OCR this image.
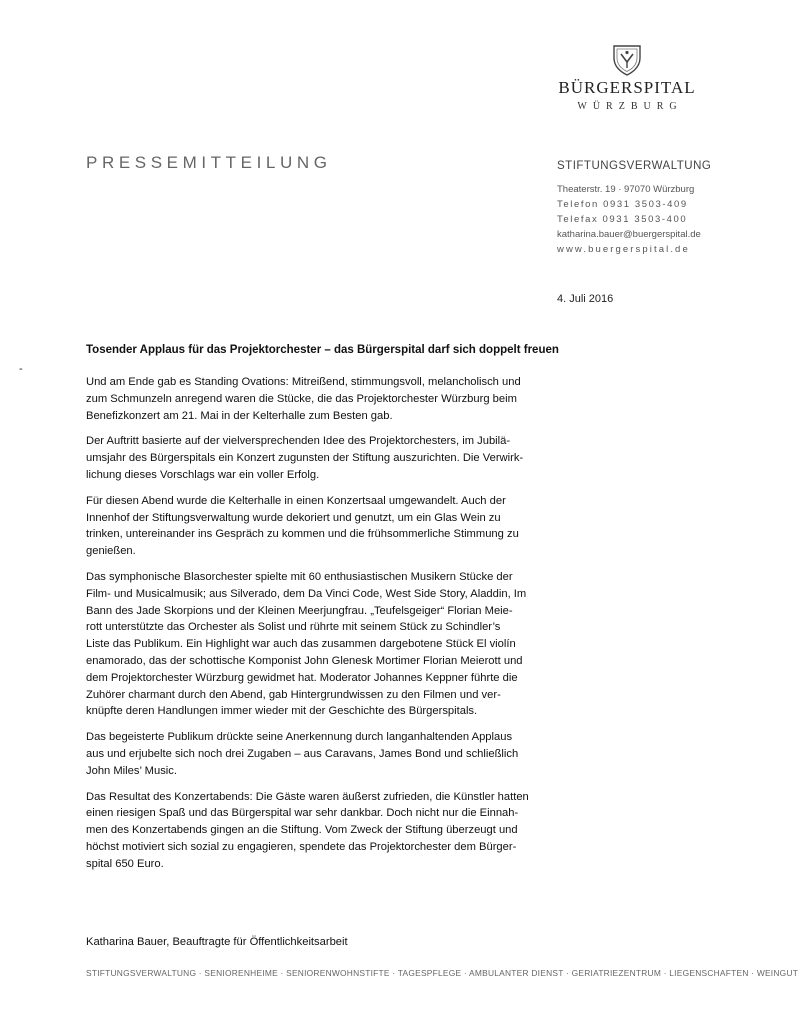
BÜRGERSPITAL
WÜRZBURG
PRESSEMITTEILUNG	STIFTUNGSVERWALTUNG
Theaterstr. 19 · 97070 Würzburg
Telefon 0931 3503-409
Telefax 0931 3503-400
katharina.bauer@buergerspital.de
www.buergerspital.de
4. Juli 2016
-
Tosender Applaus für das Projektorchester – das Bürgerspital darf sich doppelt freuen
Und am Ende gab es Standing Ovations: Mitreißend, stimmungsvoll, melancholisch und
zum Schmunzeln anregend waren die Stücke, die das Projektorchester Würzburg beim
Benefizkonzert am 21. Mai in der Kelterhalle zum Besten gab.
Der Auftritt basierte auf der vielversprechenden Idee des Projektorchesters, im Jubilä-
umsjahr des Bürgerspitals ein Konzert zugunsten der Stiftung auszurichten. Die Verwirk-
lichung dieses Vorschlags war ein voller Erfolg.
Für diesen Abend wurde die Kelterhalle in einen Konzertsaal umgewandelt. Auch der
Innenhof der Stiftungsverwaltung wurde dekoriert und genutzt, um ein Glas Wein zu
trinken, untereinander ins Gespräch zu kommen und die frühsommerliche Stimmung zu
genießen.
Das symphonische Blasorchester spielte mit 60 enthusiastischen Musikern Stücke der
Film- und Musicalmusik; aus Silverado, dem Da Vinci Code, West Side Story, Aladdin, Im
Bann des Jade Skorpions und der Kleinen Meerjungfrau. „Teufelsgeiger“ Florian Meie-
rott unterstützte das Orchester als Solist und rührte mit seinem Stück zu Schindler’s
Liste das Publikum. Ein Highlight war auch das zusammen dargebotene Stück El violín
enamorado, das der schottische Komponist John Glenesk Mortimer Florian Meierott und
dem Projektorchester Würzburg gewidmet hat. Moderator Johannes Keppner führte die
Zuhörer charmant durch den Abend, gab Hintergrundwissen zu den Filmen und ver-
knüpfte deren Handlungen immer wieder mit der Geschichte des Bürgerspitals.
Das begeisterte Publikum drückte seine Anerkennung durch langanhaltenden Applaus
aus und erjubelte sich noch drei Zugaben – aus Caravans, James Bond und schließlich
John Miles’ Music.
Das Resultat des Konzertabends: Die Gäste waren äußerst zufrieden, die Künstler hatten
einen riesigen Spaß und das Bürgerspital war sehr dankbar. Doch nicht nur die Einnah-
men des Konzertabends gingen an die Stiftung. Vom Zweck der Stiftung überzeugt und
höchst motiviert sich sozial zu engagieren, spendete das Projektorchester dem Bürger-
spital 650 Euro.
Katharina Bauer, Beauftragte für Öffentlichkeitsarbeit
STIFTUNGSVERWALTUNG · SENIORENHEIME · SENIORENWOHNSTIFTE · TAGESPFLEGE · AMBULANTER DIENST · GERIATRIEZENTRUM · LIEGENSCHAFTEN · WEINGUT
